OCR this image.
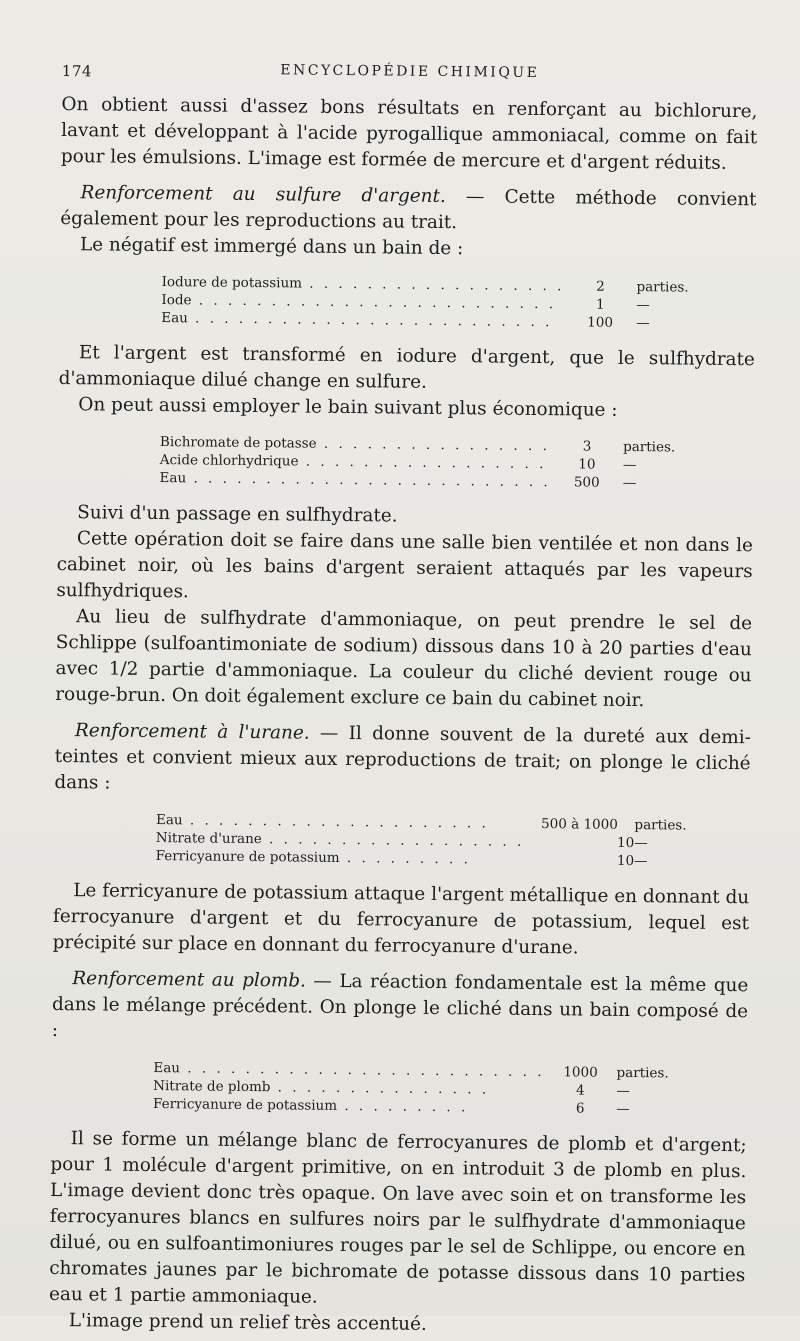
174	ENCYCLOPÉDIE CHIMIQUE

On obtient aussi d'assez bons résultats en renforçant au bichlorure, lavant et développant à l'acide pyrogallique ammoniacal, comme on fait pour les émulsions. L'image est formée de mercure et d'argent réduits.

Renforcement au sulfure d'argent. — Cette méthode convient également pour les reproductions au trait.

Le négatif est immergé dans un bain de :

Iodure de potassium . . . . . . . . . . . . . . . . . .	2	parties.
Iode . . . . . . . . . . . . . . . . . . . . . . . . .	1	—
Eau . . . . . . . . . . . . . . . . . . . . . . . . .	100	—

Et l'argent est transformé en iodure d'argent, que le sulfhydrate d'ammoniaque dilué change en sulfure.

On peut aussi employer le bain suivant plus économique :

Bichromate de potasse . . . . . . . . . . . . . . . .	3	parties.
Acide chlorhydrique . . . . . . . . . . . . . . . . .	10	—
Eau . . . . . . . . . . . . . . . . . . . . . . . . .	500	—

Suivi d'un passage en sulfhydrate.

Cette opération doit se faire dans une salle bien ventilée et non dans le cabinet noir, où les bains d'argent seraient attaqués par les vapeurs sulfhydriques.

Au lieu de sulfhydrate d'ammoniaque, on peut prendre le sel de Schlippe (sulfoantimoniate de sodium) dissous dans 10 à 20 parties d'eau avec 1/2 partie d'ammoniaque. La couleur du cliché devient rouge ou rouge-brun. On doit également exclure ce bain du cabinet noir.

Renforcement à l'urane. — Il donne souvent de la dureté aux demi-teintes et convient mieux aux reproductions de trait; on plonge le cliché dans :

Eau . . . . . . . . . . . . . . . . . . . . .	500 à 1000	parties.
Nitrate d'urane . . . . . . . . . . . . . . . . . .	10	—
Ferricyanure de potassium . . . . . . . . .	10	—

Le ferricyanure de potassium attaque l'argent métallique en donnant du ferrocyanure d'argent et du ferrocyanure de potassium, lequel est précipité sur place en donnant du ferrocyanure d'urane.

Renforcement au plomb. — La réaction fondamentale est la même que dans le mélange précédent. On plonge le cliché dans un bain composé de :

Eau . . . . . . . . . . . . . . . . . . . . . . . . .	1000	parties.
Nitrate de plomb . . . . . . . . . . . . . . .	4	—
Ferricyanure de potassium . . . . . . . . .	6	—

Il se forme un mélange blanc de ferrocyanures de plomb et d'argent; pour 1 molécule d'argent primitive, on en introduit 3 de plomb en plus. L'image devient donc très opaque. On lave avec soin et on transforme les ferrocyanures blancs en sulfures noirs par le sulfhydrate d'ammoniaque dilué, ou en sulfoantimoniures rouges par le sel de Schlippe, ou encore en chromates jaunes par le bichromate de potasse dissous dans 10 parties eau et 1 partie ammoniaque.

L'image prend un relief très accentué.
